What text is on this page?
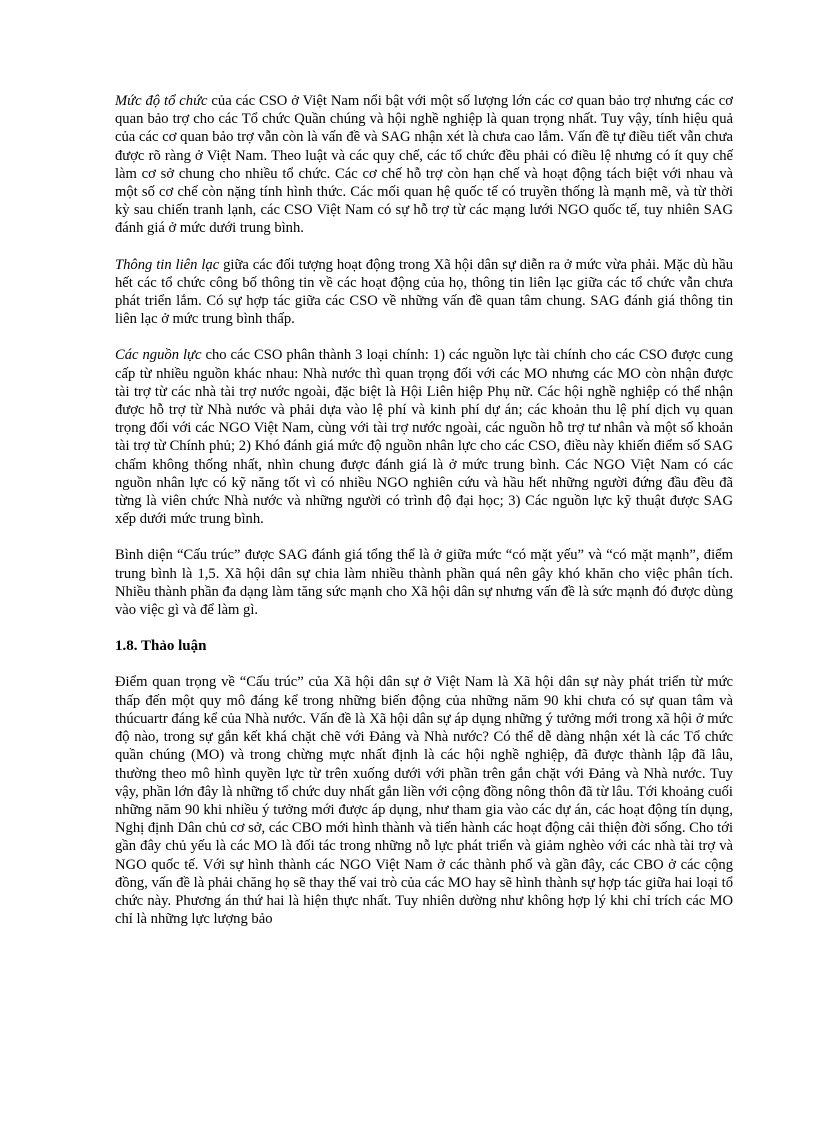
Mức độ tổ chức của các CSO ở Việt Nam nổi bật với một số lượng lớn các cơ quan bảo trợ nhưng các cơ quan bảo trợ cho các Tổ chức Quần chúng và hội nghề nghiệp là quan trọng nhất. Tuy vậy, tính hiệu quả của các cơ quan bảo trợ vẫn còn là vấn đề và SAG nhận xét là chưa cao lắm. Vấn đề tự điều tiết vẫn chưa được rõ ràng ở Việt Nam. Theo luật và các quy chế, các tổ chức đều phải có điều lệ nhưng có ít quy chế làm cơ sở chung cho nhiều tổ chức. Các cơ chế hỗ trợ còn hạn chế và hoạt động tách biệt với nhau và một số cơ chế còn nặng tính hình thức. Các mối quan hệ quốc tế có truyền thống là mạnh mẽ, và từ thời kỳ sau chiến tranh lạnh, các CSO Việt Nam có sự hỗ trợ từ các mạng lưới NGO quốc tế, tuy nhiên SAG đánh giá ở mức dưới trung bình.

Thông tin liên lạc giữa các đối tượng hoạt động trong Xã hội dân sự diễn ra ở mức vừa phải. Mặc dù hầu hết các tổ chức công bố thông tin về các hoạt động của họ, thông tin liên lạc giữa các tổ chức vẫn chưa phát triển lắm. Có sự hợp tác giữa các CSO về những vấn đề quan tâm chung. SAG đánh giá thông tin liên lạc ở mức trung bình thấp.

Các nguồn lực cho các CSO phân thành 3 loại chính: 1) các nguồn lực tài chính cho các CSO được cung cấp từ nhiều nguồn khác nhau: Nhà nước thì quan trọng đối với các MO nhưng các MO còn nhận được tài trợ từ các nhà tài trợ nước ngoài, đặc biệt là Hội Liên hiệp Phụ nữ. Các hội nghề nghiệp có thể nhận được hỗ trợ từ Nhà nước và phải dựa vào lệ phí và kinh phí dự án; các khoản thu lệ phí dịch vụ quan trọng đối với các NGO Việt Nam, cùng với tài trợ nước ngoài, các nguồn hỗ trợ tư nhân và một số khoản tài trợ từ Chính phủ; 2) Khó đánh giá mức độ nguồn nhân lực cho các CSO, điều này khiến điểm số SAG chấm không thống nhất, nhìn chung được đánh giá là ở mức trung bình. Các NGO Việt Nam có các nguồn nhân lực có kỹ năng tốt vì có nhiều NGO nghiên cứu và hầu hết những người đứng đầu đều đã từng là viên chức Nhà nước và những người có trình độ đại học; 3) Các nguồn lực kỹ thuật được SAG xếp dưới mức trung bình.

Bình diện “Cấu trúc” được SAG đánh giá tổng thể là ở giữa mức “có mặt yếu” và “có mặt mạnh”, điểm trung bình là 1,5. Xã hội dân sự chia làm nhiều thành phần quá nên gây khó khăn cho việc phân tích. Nhiều thành phần đa dạng làm tăng sức mạnh cho Xã hội dân sự nhưng vấn đề là sức mạnh đó được dùng vào việc gì và để làm gì.

1.8. Thảo luận

Điểm quan trọng về “Cấu trúc” của Xã hội dân sự ở Việt Nam là Xã hội dân sự này phát triển từ mức thấp đến một quy mô đáng kể trong những biến động của những năm 90 khi chưa có sự quan tâm và thúcuartr đáng kể của Nhà nước. Vấn đề là Xã hội dân sự áp dụng những ý tưởng mới trong xã hội ở mức độ nào, trong sự gắn kết khá chặt chẽ với Đảng và Nhà nước? Có thể dễ dàng nhận xét là các Tổ chức quần chúng (MO) và trong chừng mực nhất định là các hội nghề nghiệp, đã được thành lập đã lâu, thường theo mô hình quyền lực từ trên xuống dưới với phần trên gắn chặt với Đảng và Nhà nước. Tuy vậy, phần lớn đây là những tổ chức duy nhất gắn liền với cộng đồng nông thôn đã từ lâu. Tới khoảng cuối những năm 90 khi nhiều ý tưởng mới được áp dụng, như tham gia vào các dự án, các hoạt động tín dụng, Nghị định Dân chủ cơ sở, các CBO mới hình thành và tiến hành các hoạt động cải thiện đời sống. Cho tới gần đây chủ yếu là các MO là đối tác trong những nỗ lực phát triển và giảm nghèo với các nhà tài trợ và NGO quốc tế. Với sự hình thành các NGO Việt Nam ở các thành phố và gần đây, các CBO ở các cộng đồng, vấn đề là phải chăng họ sẽ thay thế vai trò của các MO hay sẽ hình thành sự hợp tác giữa hai loại tổ chức này. Phương án thứ hai là hiện thực nhất. Tuy nhiên dường như không hợp lý khi chỉ trích các MO chỉ là những lực lượng bảo
